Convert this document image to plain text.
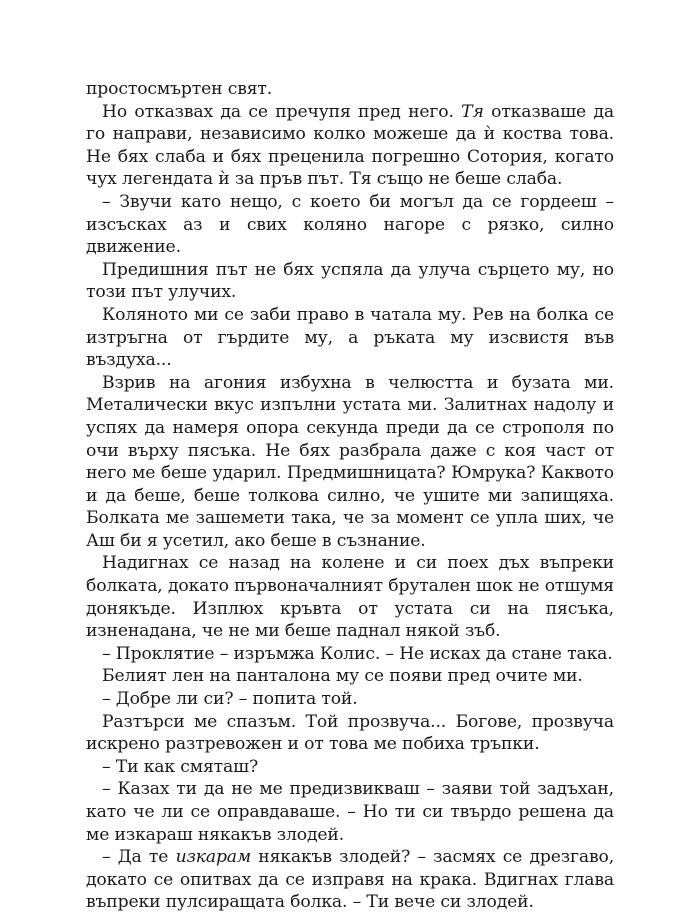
простосмъртен свят.

Но отказвах да се пречупя пред него. Тя отказваше да го направи, независимо колко можеше да ѝ коства това. Не бях слаба и бях преценила погрешно Сотория, когато чух легендата ѝ за пръв път. Тя също не беше слаба.

– Звучи като нещо, с което би могъл да се гордееш – изсъсках аз и свих коляно нагоре с рязко, силно движение.

Предишния път не бях успяла да улуча сърцето му, но този път улучих.

Коляното ми се заби право в чатала му. Рев на болка се изтръгна от гърдите му, а ръката му изсвистя във въздуха...

Взрив на агония избухна в челюстта и бузата ми. Металически вкус изпълни устата ми. Залитнах надолу и успях да намеря опора секунда преди да се строполя по очи върху пясъка. Не бях разбрала даже с коя част от него ме беше ударил. Предмишницата? Юмрука? Каквото и да беше, беше толкова силно, че ушите ми запищяха. Болката ме зашемети така, че за момент се упла ших, че Аш би я усетил, ако беше в съзнание.

Надигнах се назад на колене и си поех дъх въпреки болката, докато първоначалният брутален шок не отшумя донякъде. Изплюх кръвта от устата си на пясъка, изненадана, че не ми беше паднал някой зъб.

– Проклятие – изръмжа Колис. – Не исках да стане така.

Белият лен на панталона му се появи пред очите ми.

– Добре ли си? – попита той.

Разтърси ме спазъм. Той прозвуча... Богове, прозвуча искрено разтревожен и от това ме побиха тръпки.

– Ти как смяташ?

– Казах ти да не ме предизвикваш – заяви той задъхан, като че ли се оправдаваше. – Но ти си твърдо решена да ме изкараш някакъв злодей.

– Да те изкарам някакъв злодей? – засмях се дрезгаво, докато се опитвах да се изправя на крака. Вдигнах глава въпреки пулсиращата болка. – Ти вече си злодей.
